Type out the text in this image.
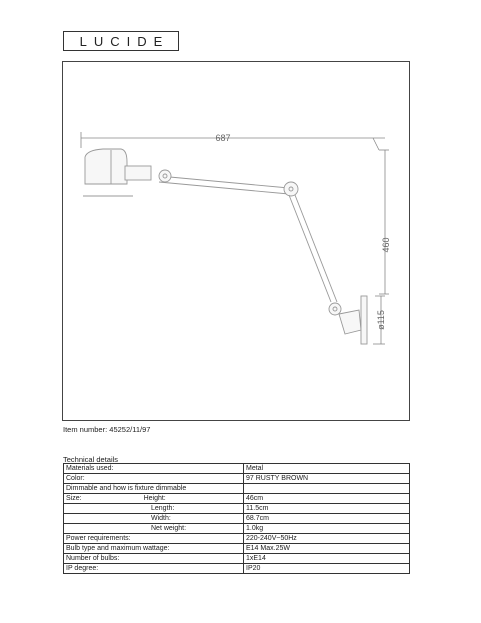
LUCIDE
687
460
ø115
Item number: 45252/11/97
Technical details
Materials used:	Metal
Color:	97 RUSTY BROWN
Dimmable and how is fixture dimmable	
Size: Height:	46cm
Length:	11.5cm
Width:	68.7cm
Net weight:	1.0kg
Power requirements:	220-240V~50Hz
Bulb type and maximum wattage:	E14 Max.25W
Number of bulbs:	1xE14
IP degree:	IP20
